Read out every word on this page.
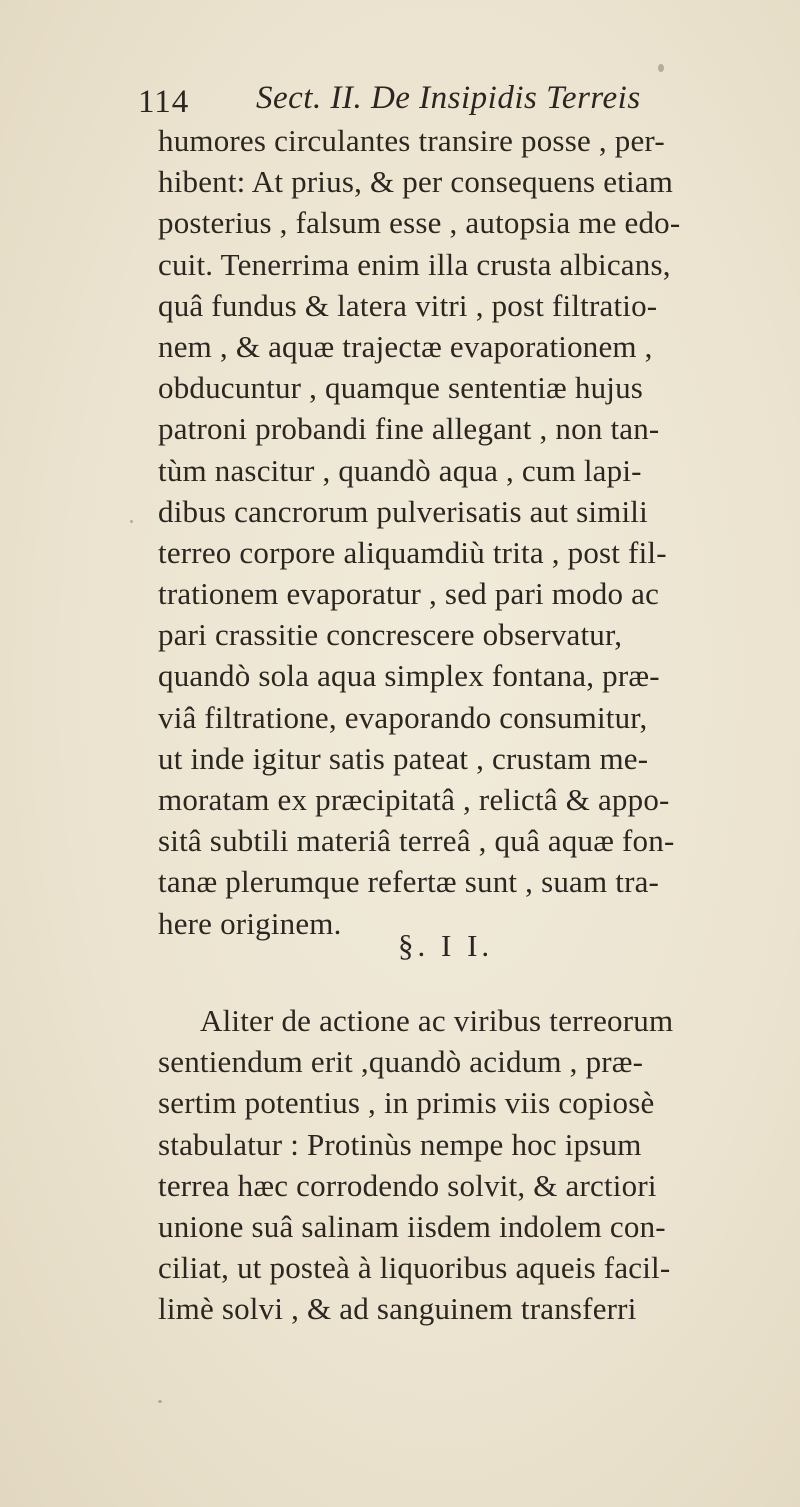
114 Sect. II. De Insipidis Terreis
humores circulantes transire posse , per-
hibent: At prius, & per consequens etiam
posterius , falsum esse , autopsia me edo-
cuit. Tenerrima enim illa crusta albicans,
quâ fundus & latera vitri , post filtratio-
nem , & aquæ trajectæ evaporationem ,
obducuntur , quamque sententiæ hujus
patroni probandi fine allegant , non tan-
tùm nascitur , quandò aqua , cum lapi-
dibus cancrorum pulverisatis aut simili
terreo corpore aliquamdiù trita , post fil-
trationem evaporatur , sed pari modo ac
pari crassitie concrescere observatur,
quandò sola aqua simplex fontana, præ-
viâ filtratione, evaporando consumitur,
ut inde igitur satis pateat , crustam me-
moratam ex præcipitatâ , relictâ & appo-
sitâ subtili materiâ terreâ , quâ aquæ fon-
tanæ plerumque refertæ sunt , suam tra-
here originem.
§. I I.
Aliter de actione ac viribus terreorum
sentiendum erit ,quandò acidum , præ-
sertim potentius , in primis viis copiosè
stabulatur : Protinùs nempe hoc ipsum
terrea hæc corrodendo solvit, & arctiori
unione suâ salinam iisdem indolem con-
ciliat, ut posteà à liquoribus aqueis facil-
limè solvi , & ad sanguinem transferri
